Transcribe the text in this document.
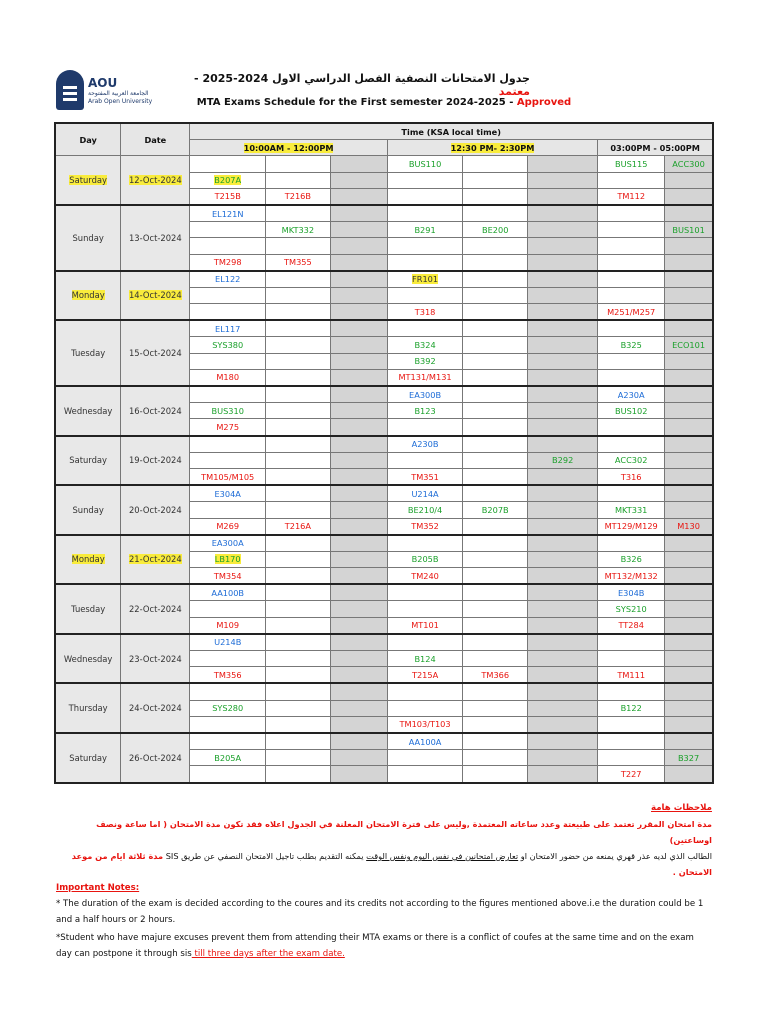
AOU
الجامعة العربية المفتوحة
Arab Open University
جدول الامتحانات النصفية الفصل الدراسي الاول 2024-2025 - معتمد
MTA Exams Schedule for the First semester 2024-2025 - Approved
Day	Date	Time (KSA local time)							
		10:00AM - 12:00PM			12:30 PM- 2:30PM			03:00PM - 05:00PM	
Saturday	12-Oct-2024				BUS110			BUS115	ACC300
		B207A							
		T215B	T216B					TM112	
Sunday	13-Oct-2024	EL121N							
			MKT332		B291	BE200			BUS101

		TM298	TM355						
Monday	14-Oct-2024	EL122			FR101				

					T318			M251/M257	
Tuesday	15-Oct-2024	EL117							
		SYS380			B324			B325	ECO101
					B392				
		M180			MT131/M131				
Wednesday	16-Oct-2024				EA300B			A230A	
		BUS310			B123			BUS102	
		M275							
Saturday	19-Oct-2024				A230B				
							B292	ACC302	
		TM105/M105			TM351			T316	
Sunday	20-Oct-2024	E304A			U214A				
					BE210/4	B207B		MKT331	
		M269	T216A		TM352			MT129/M129	M130
Monday	21-Oct-2024	EA300A							
		LB170			B205B			B326	
		TM354			TM240			MT132/M132	
Tuesday	22-Oct-2024	AA100B						E304B	
								SYS210	
		M109			MT101			TT284	
Wednesday	23-Oct-2024	U214B							
					B124				
		TM356			T215A	TM366		TM111	
Thursday	24-Oct-2024								
		SYS280						B122	
					TM103/T103				
Saturday	26-Oct-2024				AA100A				
		B205A							B327
								T227	
ملاحظات هامة
مدة امتحان المقرر تعتمد على طبيعتة وعدد ساعاته المعتمدة ,وليس على فترة الامتحان المعلنة في الجدول اعلاه فقد تكون مدة الامتحان ( اما ساعة ونصف اوساعتين)
الطالب الذي لديه عذر قهري يمنعه من حضور الامتحان او تعارض امتحانين في نفس اليوم ونفس الوقت يمكنه التقديم بطلب تاجيل الامتحان النصفي عن طريق SIS مدة ثلاثة ايام من موعد الامتحان .
Important Notes:
* The duration of the exam is decided according to the coures and its credits not according to the figures mentioned above.i.e the duration could be 1 and a half hours or 2 hours.
*Student who have majure excuses prevent them from attending their MTA exams or there is a conflict of coufes at the same time and on the exam day can postpone it through sis till three days after the exam date.
